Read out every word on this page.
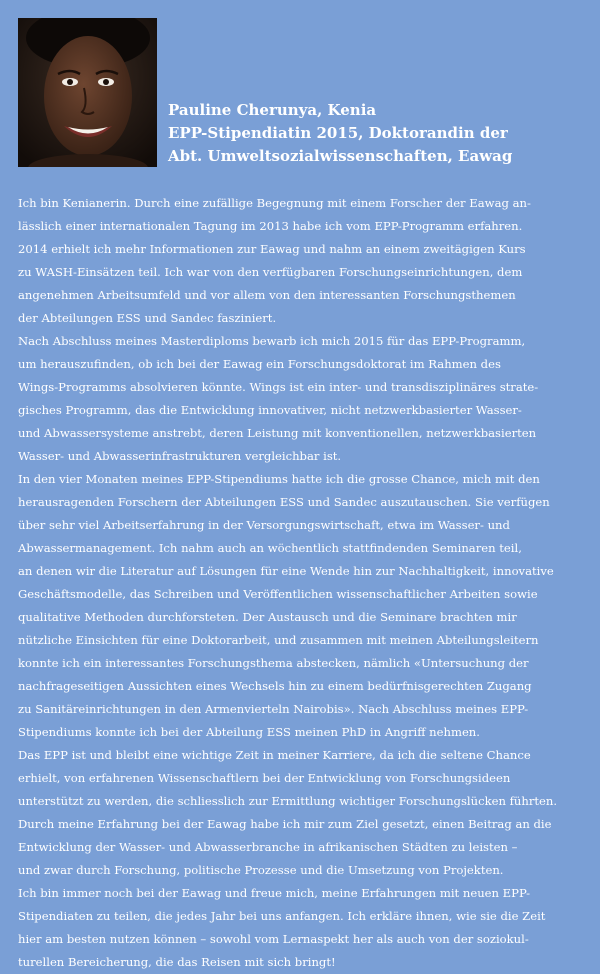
Pauline Cherunya, Kenia
EPP-Stipendiatin 2015, Doktorandin der
Abt. Umweltsozialwissenschaften, Eawag
Ich bin Kenianerin. Durch eine zufällige Begegnung mit einem Forscher der Eawag an-
lässlich einer internationalen Tagung im 2013 habe ich vom EPP-Programm erfahren.
2014 erhielt ich mehr Informationen zur Eawag und nahm an einem zweitägigen Kurs
zu WASH-Einsätzen teil. Ich war von den verfügbaren Forschungseinrichtungen, dem
angenehmen Arbeitsumfeld und vor allem von den interessanten Forschungsthemen
der Abteilungen ESS und Sandec fasziniert.
Nach Abschluss meines Masterdiploms bewarb ich mich 2015 für das EPP-Programm,
um herauszufinden, ob ich bei der Eawag ein Forschungsdoktorat im Rahmen des
Wings-Programms absolvieren könnte. Wings ist ein inter- und transdisziplinäres strate-
gisches Programm, das die Entwicklung innovativer, nicht netzwerkbasierter Wasser-
und Abwassersysteme anstrebt, deren Leistung mit konventionellen, netzwerkbasierten
Wasser- und Abwasserinfrastrukturen vergleichbar ist.
In den vier Monaten meines EPP-Stipendiums hatte ich die grosse Chance, mich mit den
herausragenden Forschern der Abteilungen ESS und Sandec auszutauschen. Sie verfügen
über sehr viel Arbeitserfahrung in der Versorgungswirtschaft, etwa im Wasser- und
Abwassermanagement. Ich nahm auch an wöchentlich stattfindenden Seminaren teil,
an denen wir die Literatur auf Lösungen für eine Wende hin zur Nachhaltigkeit, innovative
Geschäftsmodelle, das Schreiben und Veröffentlichen wissenschaftlicher Arbeiten sowie
qualitative Methoden durchforsteten. Der Austausch und die Seminare brachten mir
nützliche Einsichten für eine Doktorarbeit, und zusammen mit meinen Abteilungsleitern
konnte ich ein interessantes Forschungsthema abstecken, nämlich «Untersuchung der
nachfrageseitigen Aussichten eines Wechsels hin zu einem bedürfnisgerechten Zugang
zu Sanitäreinrichtungen in den Armenvierteln Nairobis». Nach Abschluss meines EPP-
Stipendiums konnte ich bei der Abteilung ESS meinen PhD in Angriff nehmen.
Das EPP ist und bleibt eine wichtige Zeit in meiner Karriere, da ich die seltene Chance
erhielt, von erfahrenen Wissenschaftlern bei der Entwicklung von Forschungsideen
unterstützt zu werden, die schliesslich zur Ermittlung wichtiger Forschungslücken führten.
Durch meine Erfahrung bei der Eawag habe ich mir zum Ziel gesetzt, einen Beitrag an die
Entwicklung der Wasser- und Abwasserbranche in afrikanischen Städten zu leisten –
und zwar durch Forschung, politische Prozesse und die Umsetzung von Projekten.
Ich bin immer noch bei der Eawag und freue mich, meine Erfahrungen mit neuen EPP-
Stipendiaten zu teilen, die jedes Jahr bei uns anfangen. Ich erkläre ihnen, wie sie die Zeit
hier am besten nutzen können – sowohl vom Lernaspekt her als auch von der soziokul-
turellen Bereicherung, die das Reisen mit sich bringt!
